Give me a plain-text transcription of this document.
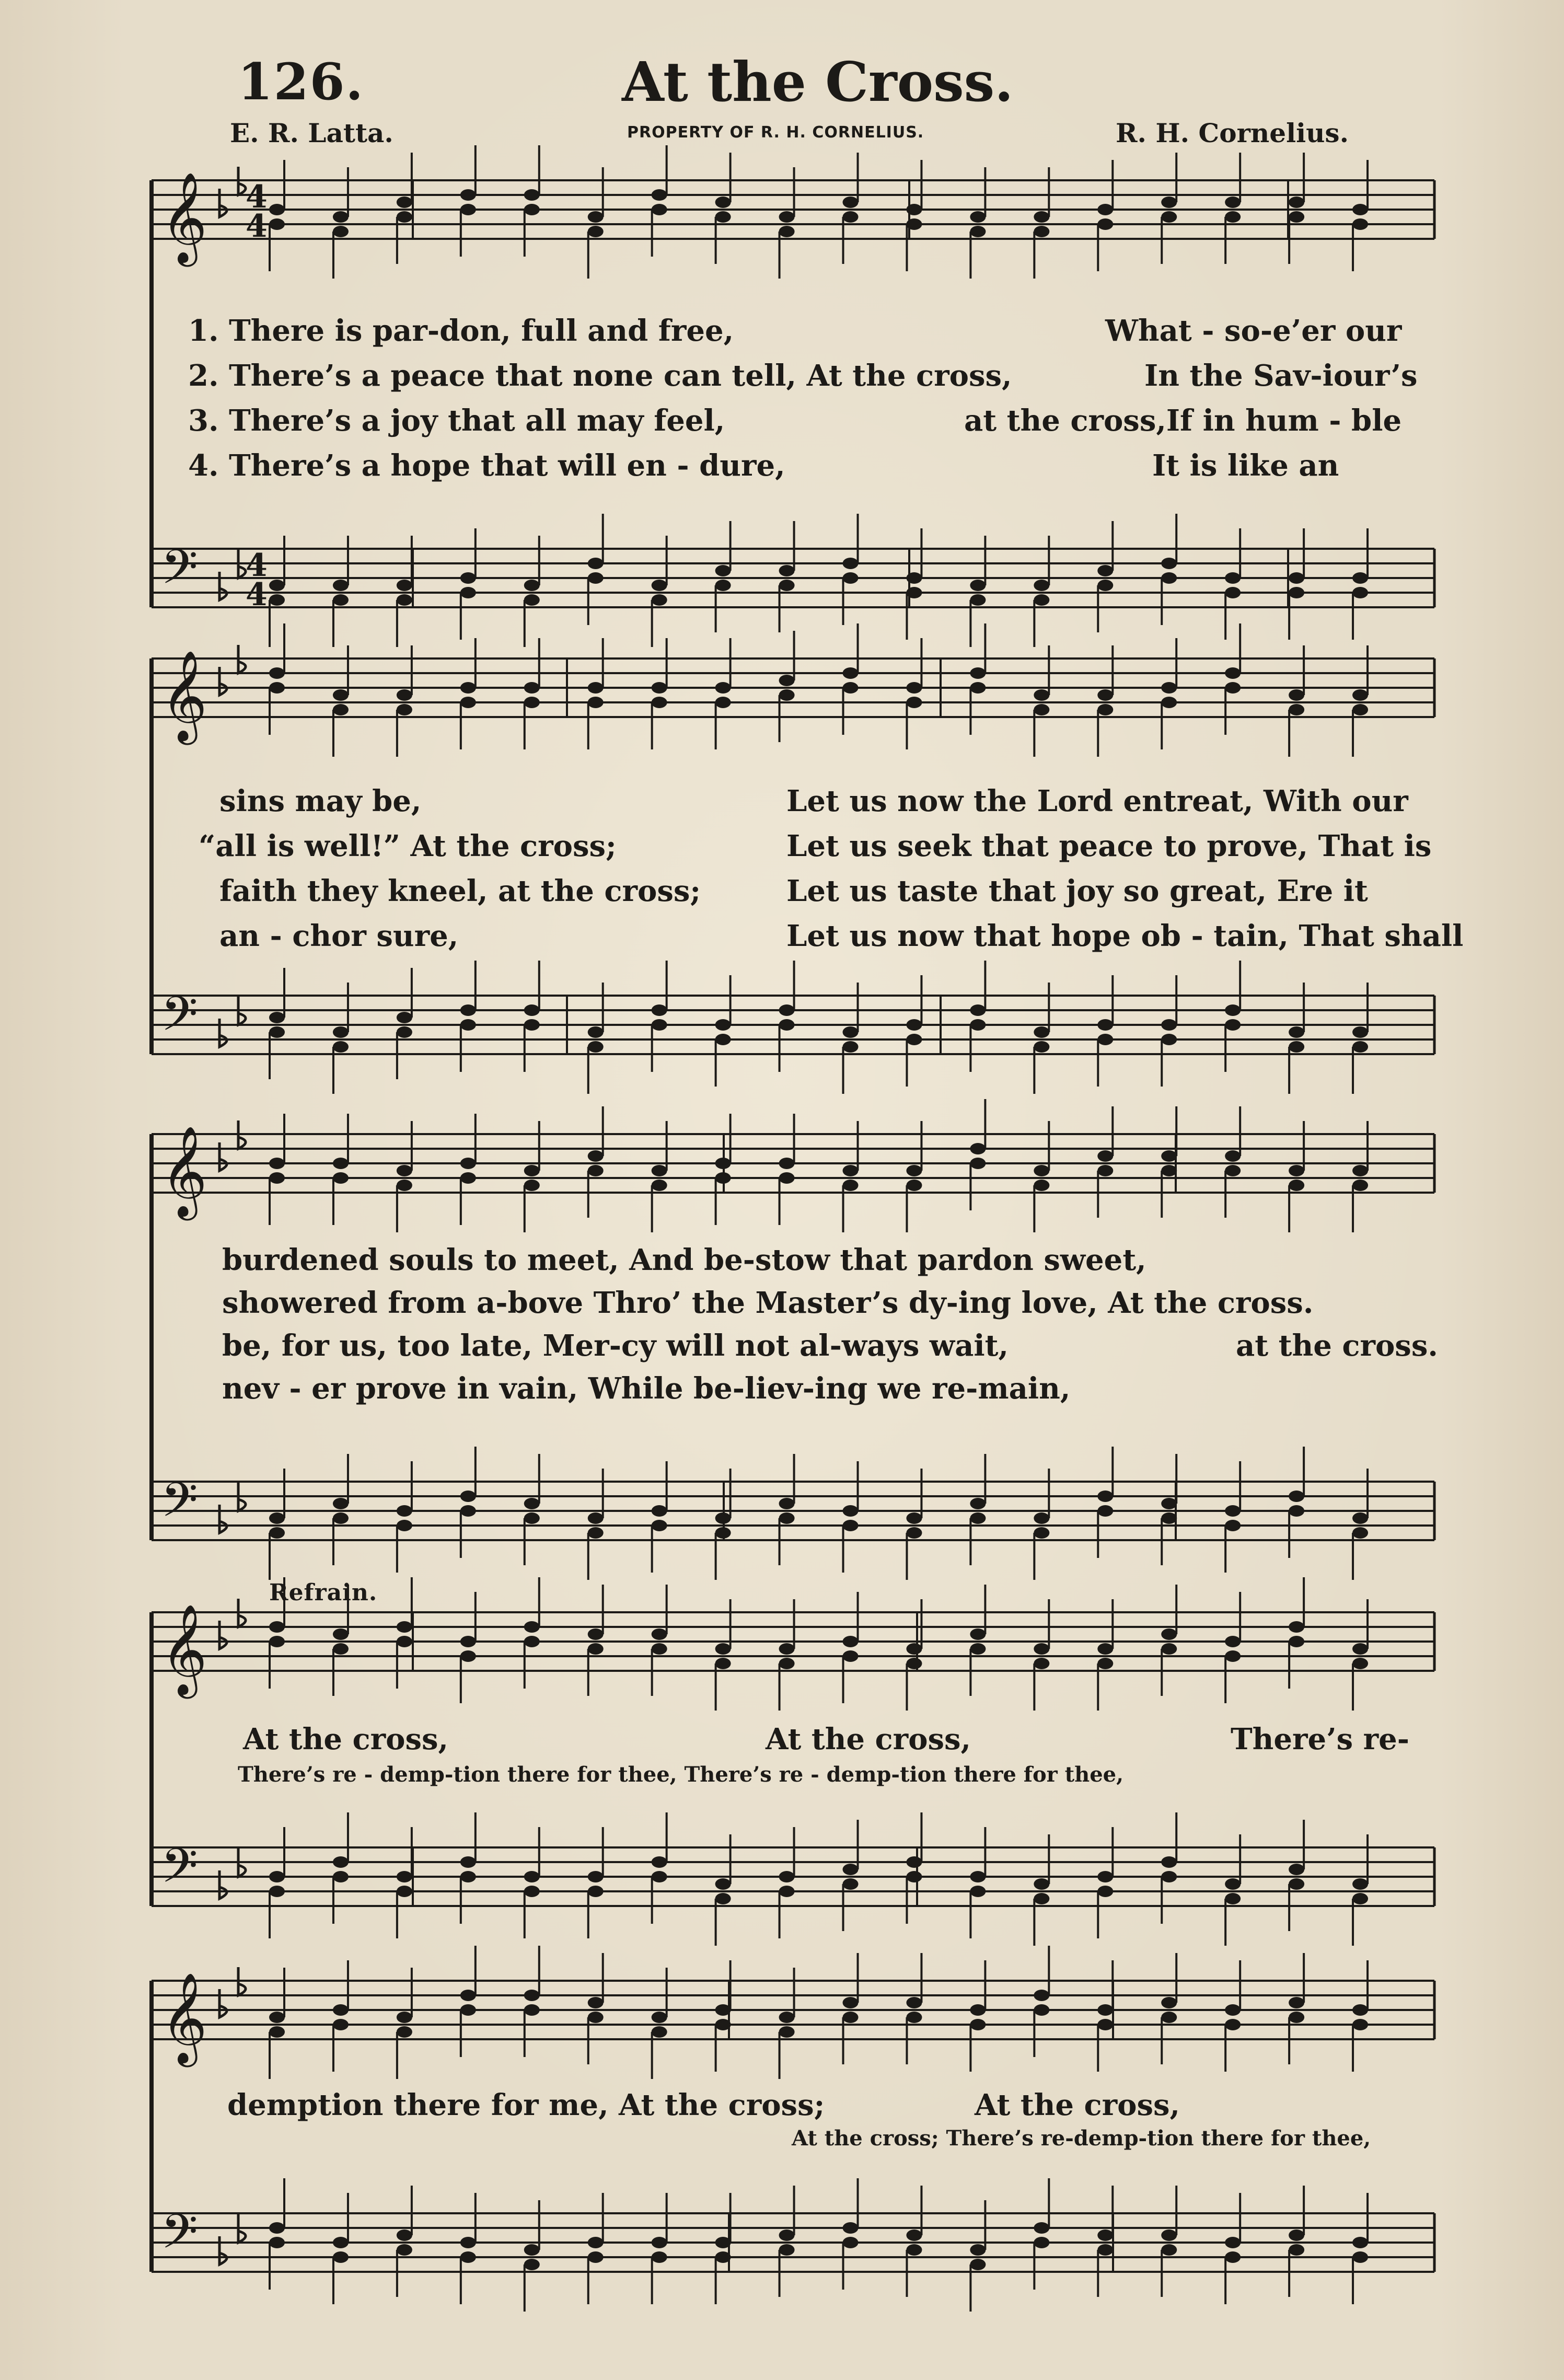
126.	At the Cross.
E. R. Latta.	PROPERTY OF R. H. CORNELIUS.	R. H. Cornelius.
𝄞
𝄢
𝄞
𝄢
𝄞
𝄢
𝄞
𝄢
𝄞
𝄢
4
4
4
4
1. There is par-don, full and free,
2. There’s a peace that none can tell, At the cross,
3. There’s a joy that all may feel,
4. There’s a hope that will en - dure,
What - so-e’er our
In the Sav-iour’s
at the cross,If in hum - ble
It is like an
sins may be,
“all is well!” At the cross;
faith they kneel, at the cross;
an - chor sure,
Let us now the Lord entreat, With our
Let us seek that peace to prove, That is
Let us taste that joy so great, Ere it
Let us now that hope ob - tain, That shall
burdened souls to meet, And be-stow that pardon sweet,
showered from a-bove Thro’ the Master’s dy-ing love, At the cross.
be, for us, too late, Mer-cy will not al-ways wait,	at the cross.
nev - er prove in vain, While be-liev-ing we re-main,
Refrain.
At the cross,	At the cross,	There’s re-
There’s re - demp-tion there for thee, There’s re - demp-tion there for thee,
demption there for me, At the cross;	At the cross,
At the cross; There’s re-demp-tion there for thee,
